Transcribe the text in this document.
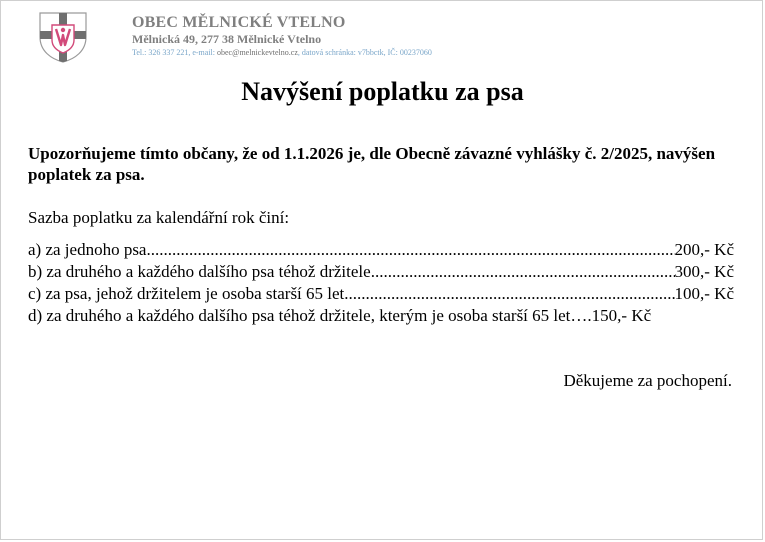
OBEC MĚLNICKÉ VTELNO
Mělnická 49, 277 38 Mělnické Vtelno
Tel.: 326 337 221, e-mail: obec@melnickevtelno.cz, datová schránka: v7bbctk, IČ: 00237060
Navýšení poplatku za psa
Upozorňujeme tímto občany, že od 1.1.2026 je, dle Obecně závazné vyhlášky č. 2/2025, navýšen poplatek za psa.
Sazba poplatku za kalendářní rok činí:
a) za jednoho psa .....	200,- Kč
b) za druhého a každého dalšího psa téhož držitele .....	300,- Kč
c) za psa, jehož držitelem je osoba starší 65 let .....	100,- Kč
d) za druhého a každého dalšího psa téhož držitele, kterým je osoba starší 65 let …. 150,- Kč
Děkujeme za pochopení.
